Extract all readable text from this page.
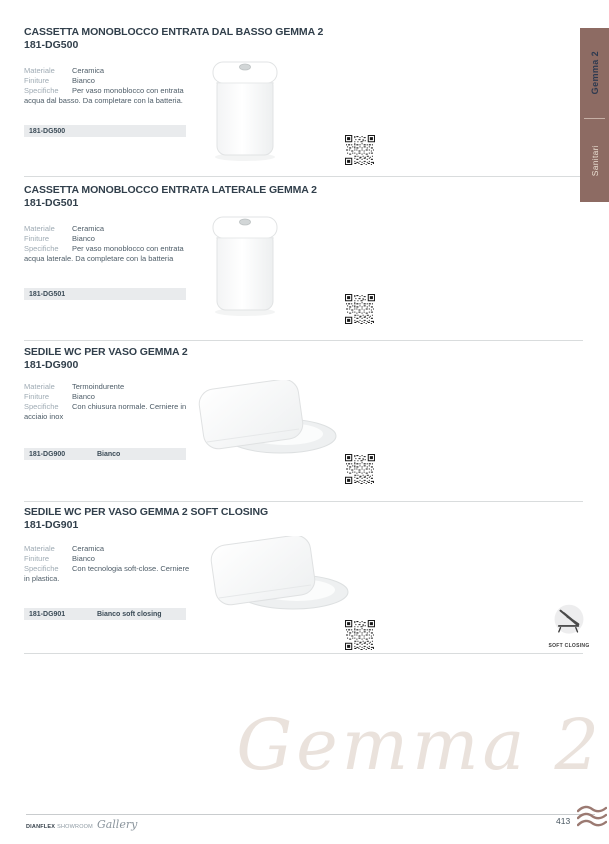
CASSETTA MONOBLOCCO ENTRATA DAL BASSO GEMMA 2
181-DG500
Materiale Ceramica
Finiture	Bianco
Specifiche	Per vaso monoblocco con entrata acqua dal basso. Da completare con la batteria.
181-DG500
CASSETTA MONOBLOCCO ENTRATA LATERALE GEMMA 2
181-DG501
Materiale Ceramica
Finiture	Bianco
Specifiche	Per vaso monoblocco con entrata acqua laterale. Da completare con la batteria
181-DG501
SEDILE WC PER VASO GEMMA 2
181-DG900
Materiale Termoindurente
Finiture	Bianco
Specifiche	Con chiusura normale. Cerniere in acciaio inox
181-DG900	Bianco
SEDILE WC PER VASO GEMMA 2 SOFT CLOSING
181-DG901
Materiale Ceramica
Finiture	Bianco
Specifiche	Con tecnologia soft-close. Cerniere in plastica.
181-DG901	Bianco soft closing
SOFT CLOSING
Gemma 2
Sanitari
Gemma 2
DIANFLEX SHOWROOM Gallery	413
